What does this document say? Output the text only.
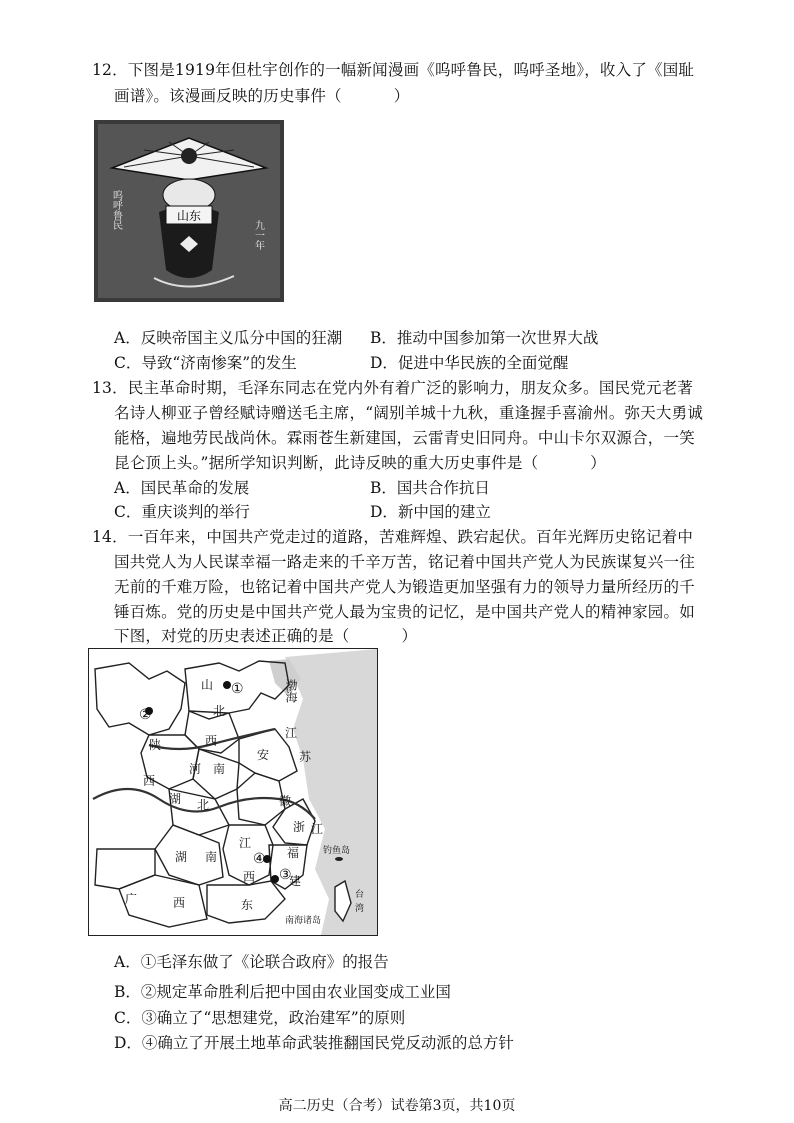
12．下图是1919年但杜宇创作的一幅新闻漫画《呜呼鲁民，呜呼圣地》，收入了《国耻
画谱》。该漫画反映的历史事件（	）
山东
呜呼鲁民
九一年
A．反映帝国主义瓜分中国的狂潮 B．推动中国参加第一次世界大战
C．导致“济南惨案”的发生	D．促进中华民族的全面觉醒
13．民主革命时期，毛泽东同志在党内外有着广泛的影响力，朋友众多。国民党元老著
名诗人柳亚子曾经赋诗赠送毛主席，“阔别羊城十九秋，重逢握手喜渝州。弥天大勇诚
能格，遍地劳民战尚休。霖雨苍生新建国，云雷青史旧同舟。中山卡尔双源合，一笑
昆仑顶上头。”据所学知识判断，此诗反映的重大历史事件是（	）
A．国民革命的发展	B．国共合作抗日
C．重庆谈判的举行	D．新中国的建立
14．一百年来，中国共产党走过的道路，苦难辉煌、跌宕起伏。百年光辉历史铭记着中
国共党人为人民谋幸福一路走来的千辛万苦，铭记着中国共产党人为民族谋复兴一往
无前的千难万险，也铭记着中国共产党人为锻造更加坚强有力的领导力量所经历的千
锤百炼。党的历史是中国共产党人最为宝贵的记忆，是中国共产党人的精神家园。如
下图，对党的历史表述正确的是（	）
①
②
③
④
山
西
北
渤海
陕
西
河 南
安 苏
江
湖 北	徽
浙 江
湖 南
江
西
福
建
广	西	东
钓鱼岛
台
湾
南海诸岛
A．①毛泽东做了《论联合政府》的报告
B．②规定革命胜利后把中国由农业国变成工业国
C．③确立了“思想建党，政治建军”的原则
D．④确立了开展土地革命武装推翻国民党反动派的总方针
高二历史（合考）试卷第3页，共10页
